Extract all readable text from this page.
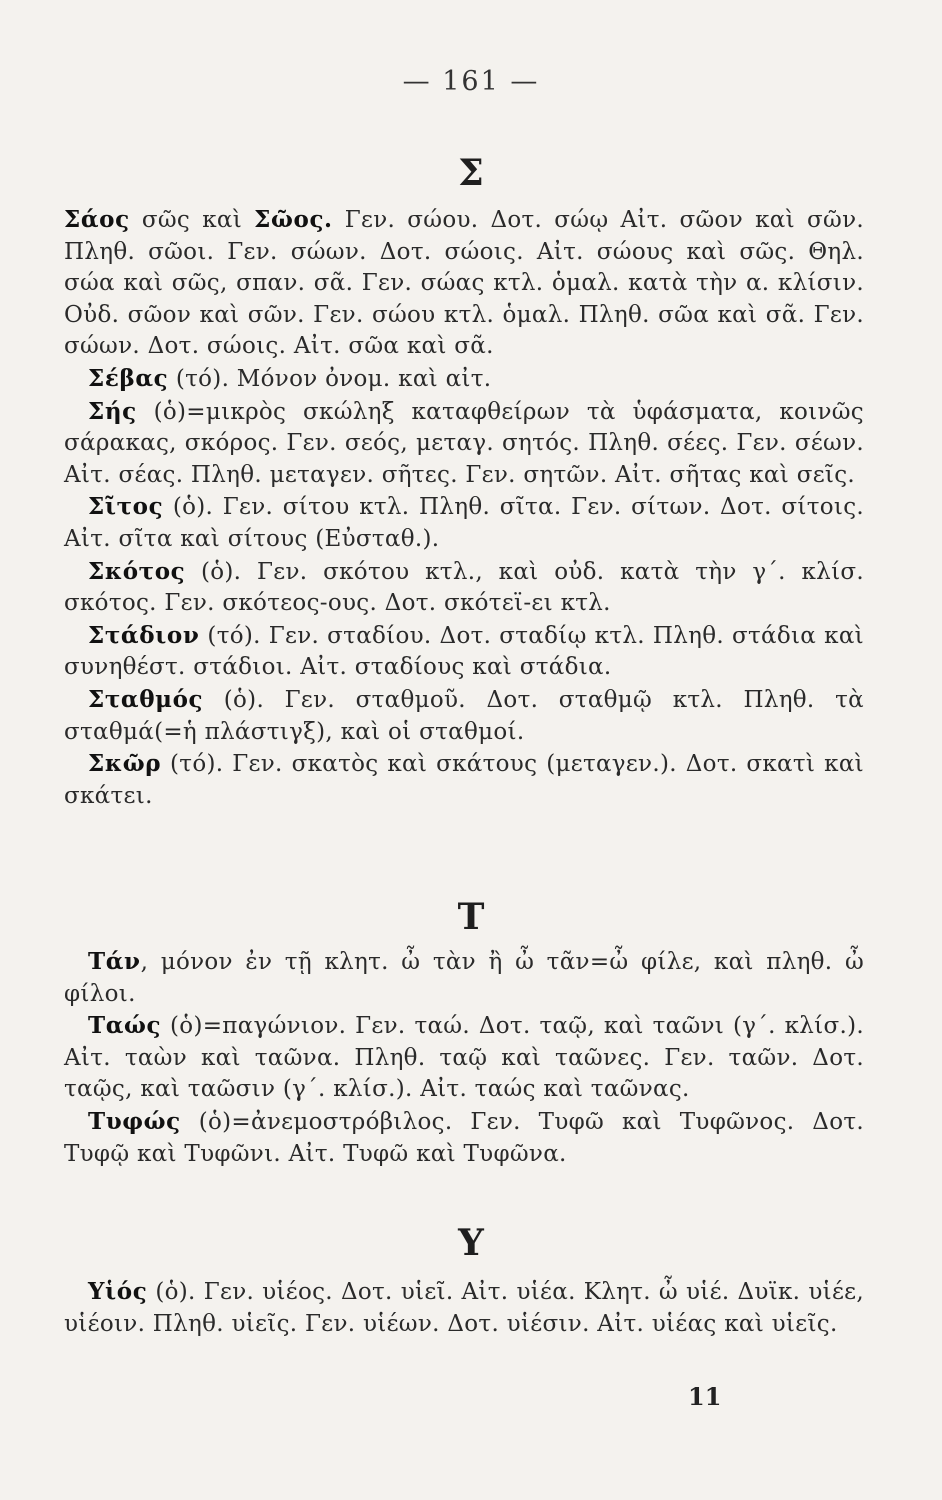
— 161 —
Σ

Σάος σῶς καὶ Σῶος. Γεν. σώου. Δοτ. σώῳ Αἰτ. σῶον καὶ σῶν. Πληθ. σῶοι. Γεν. σώων. Δοτ. σώοις. Αἰτ. σώους καὶ σῶς. Θηλ. σώα καὶ σῶς, σπαν. σᾶ. Γεν. σώας κτλ. ὁμαλ. κατὰ τὴν α. κλίσιν. Οὐδ. σῶον καὶ σῶν. Γεν. σώου κτλ. ὁμαλ. Πληθ. σῶα καὶ σᾶ. Γεν. σώων. Δοτ. σώοις. Αἰτ. σῶα καὶ σᾶ.

Σέβας (τό). Μόνον ὀνομ. καὶ αἰτ.

Σής (ὁ)=μικρὸς σκώληξ καταφθείρων τὰ ὑφάσματα, κοινῶς σάρακας, σκόρος. Γεν. σεός, μεταγ. σητός. Πληθ. σέες. Γεν. σέων. Αἰτ. σέας. Πληθ. μεταγεν. σῆτες. Γεν. σητῶν. Αἰτ. σῆτας καὶ σεῖς.

Σῖτος (ὁ). Γεν. σίτου κτλ. Πληθ. σῖτα. Γεν. σίτων. Δοτ. σίτοις. Αἰτ. σῖτα καὶ σίτους (Εὐσταθ.).

Σκότος (ὁ). Γεν. σκότου κτλ., καὶ οὐδ. κατὰ τὴν γ΄. κλίσ. σκότος. Γεν. σκότεος-ους. Δοτ. σκότεϊ-ει κτλ.

Στάδιον (τό). Γεν. σταδίου. Δοτ. σταδίῳ κτλ. Πληθ. στάδια καὶ συνηθέστ. στάδιοι. Αἰτ. σταδίους καὶ στάδια.

Σταθμός (ὁ). Γεν. σταθμοῦ. Δοτ. σταθμῷ κτλ. Πληθ. τὰ σταθμά(=ἡ πλάστιγξ), καὶ οἱ σταθμοί.

Σκῶρ (τό). Γεν. σκατὸς καὶ σκάτους (μεταγεν.). Δοτ. σκατὶ καὶ σκάτει.

Τ

Τάν, μόνον ἐν τῇ κλητ. ὦ τὰν ἢ ὦ τᾶν=ὦ φίλε, καὶ πληθ. ὦ φίλοι.

Ταώς (ὁ)=παγώνιον. Γεν. ταώ. Δοτ. ταῷ, καὶ ταῶνι (γ΄. κλίσ.). Αἰτ. ταὼν καὶ ταῶνα. Πληθ. ταῷ καὶ ταῶνες. Γεν. ταῶν. Δοτ. ταῷς, καὶ ταῶσιν (γ΄. κλίσ.). Αἰτ. ταώς καὶ ταῶνας.

Τυφώς (ὁ)=ἀνεμοστρόβιλος. Γεν. Τυφῶ καὶ Τυφῶνος. Δοτ. Τυφῷ καὶ Τυφῶνι. Αἰτ. Τυφῶ καὶ Τυφῶνα.

Υ

Υἱός (ὁ). Γεν. υἱέος. Δοτ. υἱεῖ. Αἰτ. υἱέα. Κλητ. ὦ υἱέ. Δυϊκ. υἱέε, υἱέοιν. Πληθ. υἱεῖς. Γεν. υἱέων. Δοτ. υἱέσιν. Αἰτ. υἱέας καὶ υἱεῖς.

11
